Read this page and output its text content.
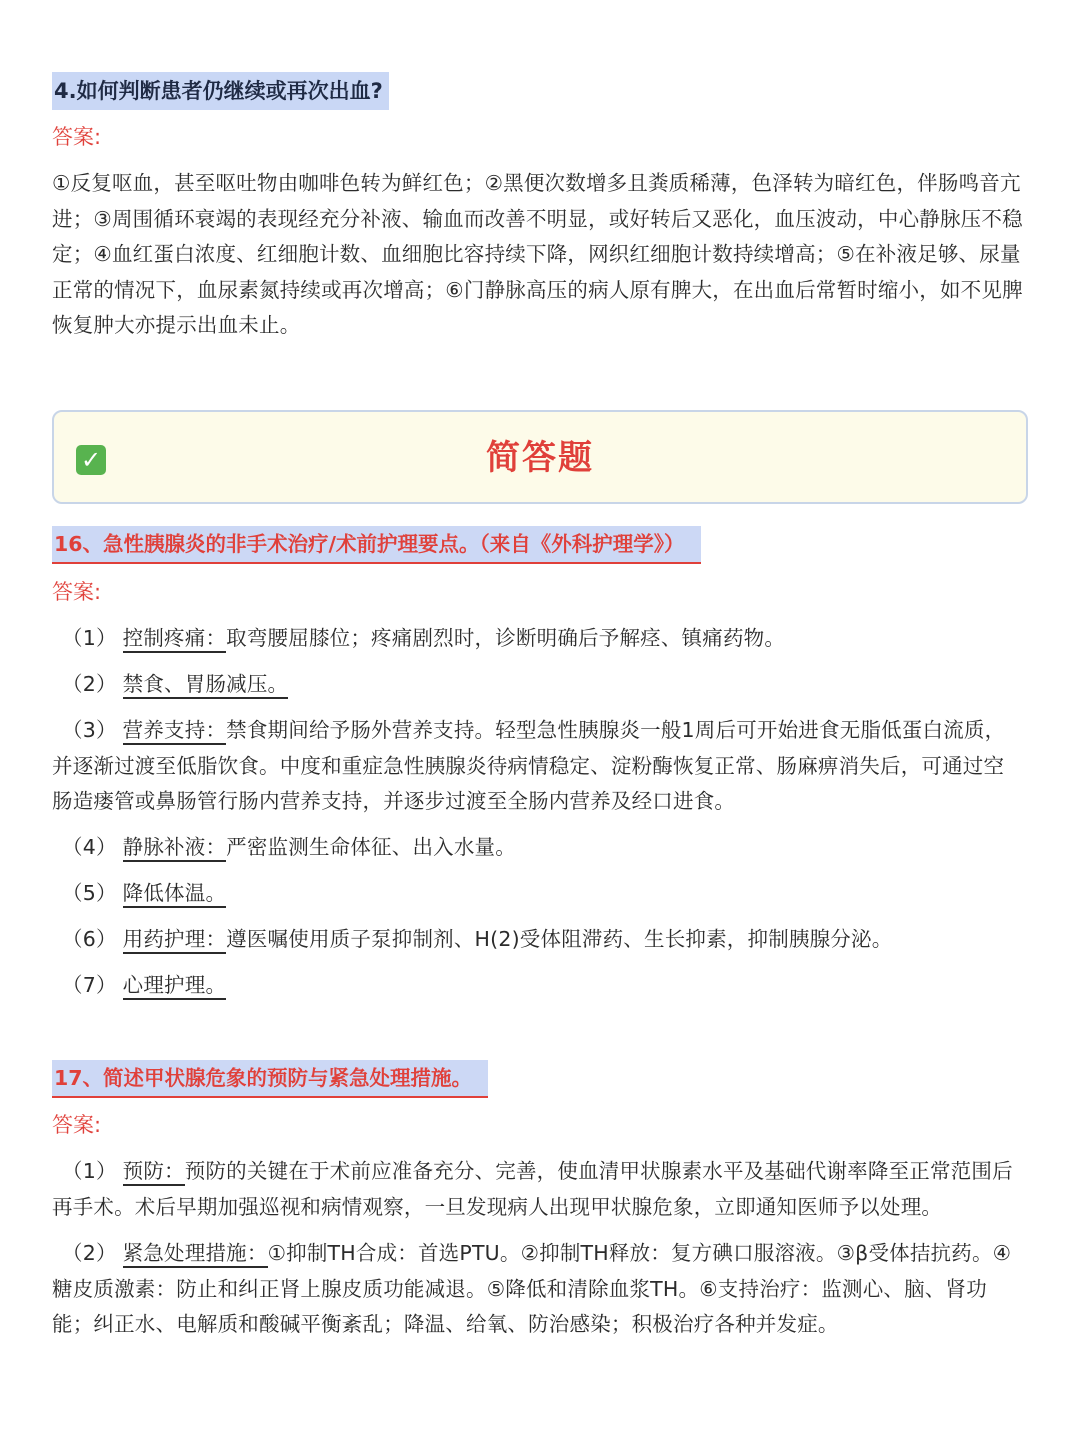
4.如何判断患者仍继续或再次出血?
答案:
①反复呕血，甚至呕吐物由咖啡色转为鲜红色；②黑便次数增多且粪质稀薄，色泽转为暗红色，伴肠鸣音亢进；③周围循环衰竭的表现经充分补液、输血而改善不明显，或好转后又恶化，血压波动，中心静脉压不稳定；④血红蛋白浓度、红细胞计数、血细胞比容持续下降，网织红细胞计数持续增高；⑤在补液足够、尿量正常的情况下，血尿素氮持续或再次增高；⑥门静脉高压的病人原有脾大，在出血后常暂时缩小，如不见脾恢复肿大亦提示出血未止。
✓	简答题
16、急性胰腺炎的非手术治疗/术前护理要点。（来自《外科护理学》）
答案:
（1） 控制疼痛：取弯腰屈膝位；疼痛剧烈时，诊断明确后予解痉、镇痛药物。
（2） 禁食、胃肠减压。
（3） 营养支持：禁食期间给予肠外营养支持。轻型急性胰腺炎一般1周后可开始进食无脂低蛋白流质，并逐渐过渡至低脂饮食。中度和重症急性胰腺炎待病情稳定、淀粉酶恢复正常、肠麻痹消失后，可通过空肠造瘘管或鼻肠管行肠内营养支持，并逐步过渡至全肠内营养及经口进食。
（4） 静脉补液：严密监测生命体征、出入水量。
（5） 降低体温。
（6） 用药护理：遵医嘱使用质子泵抑制剂、H(2)受体阻滞药、生长抑素，抑制胰腺分泌。
（7） 心理护理。
17、简述甲状腺危象的预防与紧急处理措施。
答案:
（1） 预防：预防的关键在于术前应准备充分、完善，使血清甲状腺素水平及基础代谢率降至正常范围后再手术。术后早期加强巡视和病情观察，一旦发现病人出现甲状腺危象，立即通知医师予以处理。
（2） 紧急处理措施：①抑制TH合成：首选PTU。②抑制TH释放：复方碘口服溶液。③β受体拮抗药。④糖皮质激素：防止和纠正肾上腺皮质功能减退。⑤降低和清除血浆TH。⑥支持治疗：监测心、脑、肾功能；纠正水、电解质和酸碱平衡紊乱；降温、给氧、防治感染；积极治疗各种并发症。
